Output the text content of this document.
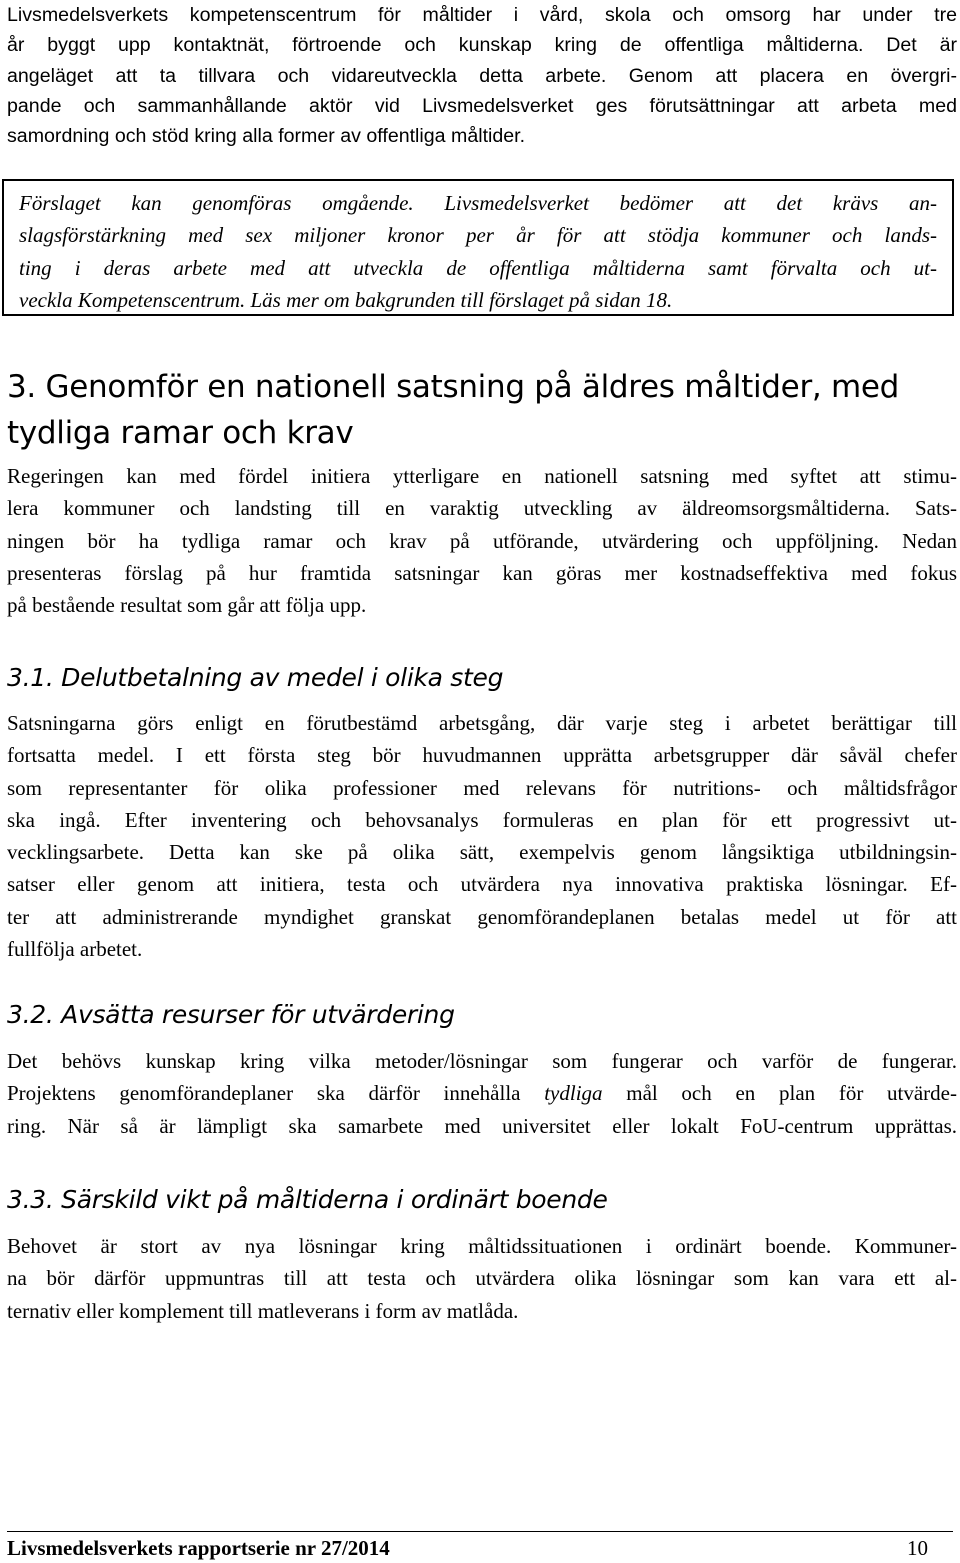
Livsmedelsverkets kompetenscentrum för måltider i vård, skola och omsorg har under tre
år byggt upp kontaktnät, förtroende och kunskap kring de offentliga måltiderna. Det är
angeläget att ta tillvara och vidareutveckla detta arbete. Genom att placera en övergri-
pande och sammanhållande aktör vid Livsmedelsverket ges förutsättningar att arbeta med
samordning och stöd kring alla former av offentliga måltider.
Förslaget kan genomföras omgående. Livsmedelsverket bedömer att det krävs an-
slagsförstärkning med sex miljoner kronor per år för att stödja kommuner och lands-
ting i deras arbete med att utveckla de offentliga måltiderna samt förvalta och ut-
veckla Kompetenscentrum. Läs mer om bakgrunden till förslaget på sidan 18.
3. Genomför en nationell satsning på äldres måltider, med
tydliga ramar och krav
Regeringen kan med fördel initiera ytterligare en nationell satsning med syftet att stimu-
lera kommuner och landsting till en varaktig utveckling av äldreomsorgsmåltiderna. Sats-
ningen bör ha tydliga ramar och krav på utförande, utvärdering och uppföljning. Nedan
presenteras förslag på hur framtida satsningar kan göras mer kostnadseffektiva med fokus
på bestående resultat som går att följa upp.
3.1. Delutbetalning av medel i olika steg
Satsningarna görs enligt en förutbestämd arbetsgång, där varje steg i arbetet berättigar till
fortsatta medel. I ett första steg bör huvudmannen upprätta arbetsgrupper där såväl chefer
som representanter för olika professioner med relevans för nutritions- och måltidsfrågor
ska ingå. Efter inventering och behovsanalys formuleras en plan för ett progressivt ut-
vecklingsarbete. Detta kan ske på olika sätt, exempelvis genom långsiktiga utbildningsin-
satser eller genom att initiera, testa och utvärdera nya innovativa praktiska lösningar. Ef-
ter att administrerande myndighet granskat genomförandeplanen betalas medel ut för att
fullfölja arbetet.
3.2. Avsätta resurser för utvärdering
Det behövs kunskap kring vilka metoder/lösningar som fungerar och varför de fungerar.
Projektens genomförandeplaner ska därför innehålla tydliga mål och en plan för utvärde-
ring. När så är lämpligt ska samarbete med universitet eller lokalt FoU-centrum upprättas.
3.3. Särskild vikt på måltiderna i ordinärt boende
Behovet är stort av nya lösningar kring måltidssituationen i ordinärt boende. Kommuner-
na bör därför uppmuntras till att testa och utvärdera olika lösningar som kan vara ett al-
ternativ eller komplement till matleverans i form av matlåda.
Livsmedelsverkets rapportserie nr 27/2014	10
